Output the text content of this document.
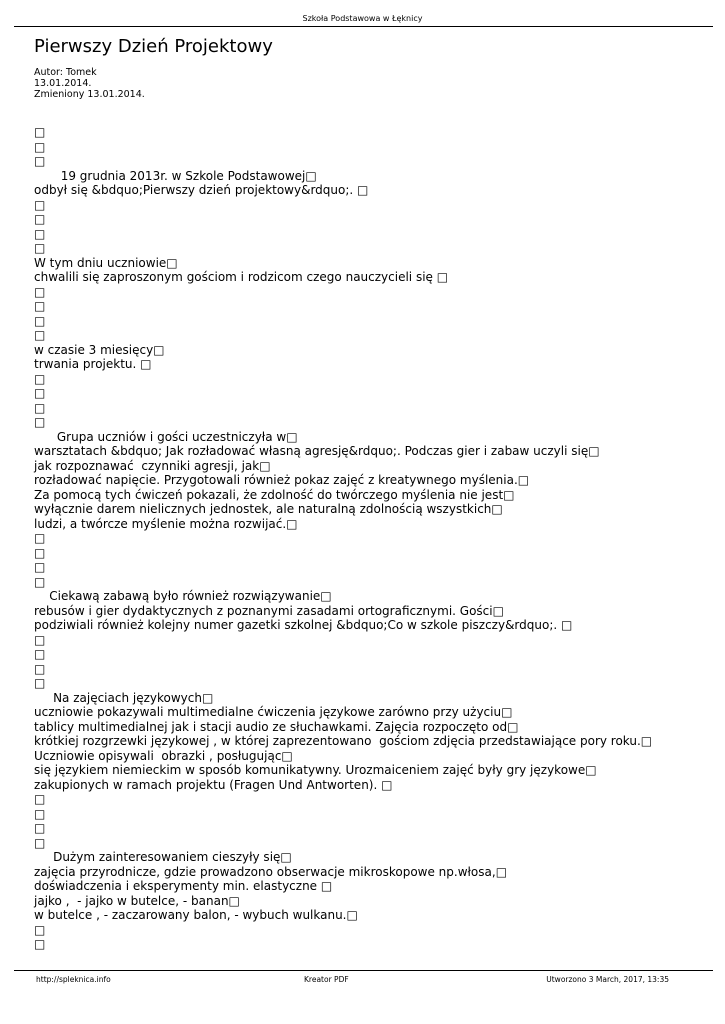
Szkoła Podstawowa w Łęknicy
Pierwszy Dzień Projektowy
Autor: Tomek
13.01.2014.
Zmieniony 13.01.2014.
□
□
□
19 grudnia 2013r. w Szkole Podstawowej□
odbył się &bdquo;Pierwszy dzień projektowy&rdquo;. □
□
□
□
□
W tym dniu uczniowie□
chwalili się zaproszonym gościom i rodzicom czego nauczycieli się □
□
□
□
□
w czasie 3 miesięcy□
trwania projektu. □
□
□
□
□
Grupa uczniów i gości uczestniczyła w□
warsztatach &bdquo; Jak rozładować własną agresję&rdquo;. Podczas gier i zabaw uczyli się□
jak rozpoznawać  czynniki agresji, jak□
rozładować napięcie. Przygotowali również pokaz zajęć z kreatywnego myślenia.□
Za pomocą tych ćwiczeń pokazali, że zdolność do twórczego myślenia nie jest□
wyłącznie darem nielicznych jednostek, ale naturalną zdolnością wszystkich□
ludzi, a twórcze myślenie można rozwijać.□
□
□
□
□
Ciekawą zabawą było również rozwiązywanie□
rebusów i gier dydaktycznych z poznanymi zasadami ortograficznymi. Gości□
podziwiali również kolejny numer gazetki szkolnej &bdquo;Co w szkole piszczy&rdquo;. □
□
□
□
□
Na zajęciach językowych□
uczniowie pokazywali multimedialne ćwiczenia językowe zarówno przy użyciu□
tablicy multimedialnej jak i stacji audio ze słuchawkami. Zajęcia rozpoczęto od□
krótkiej rozgrzewki językowej , w której zaprezentowano  gościom zdjęcia przedstawiające pory roku.□
Uczniowie opisywali  obrazki , posługując□
się językiem niemieckim w sposób komunikatywny. Urozmaiceniem zajęć były gry językowe□
zakupionych w ramach projektu (Fragen Und Antworten). □
□
□
□
□
Dużym zainteresowaniem cieszyły się□
zajęcia przyrodnicze, gdzie prowadzono obserwacje mikroskopowe np.włosa,□
doświadczenia i eksperymenty min. elastyczne □
jajko ,  - jajko w butelce, - banan□
w butelce , - zaczarowany balon, - wybuch wulkanu.□
□
□
http://spleknica.info	Kreator PDF	Utworzono 3 March, 2017, 13:35
